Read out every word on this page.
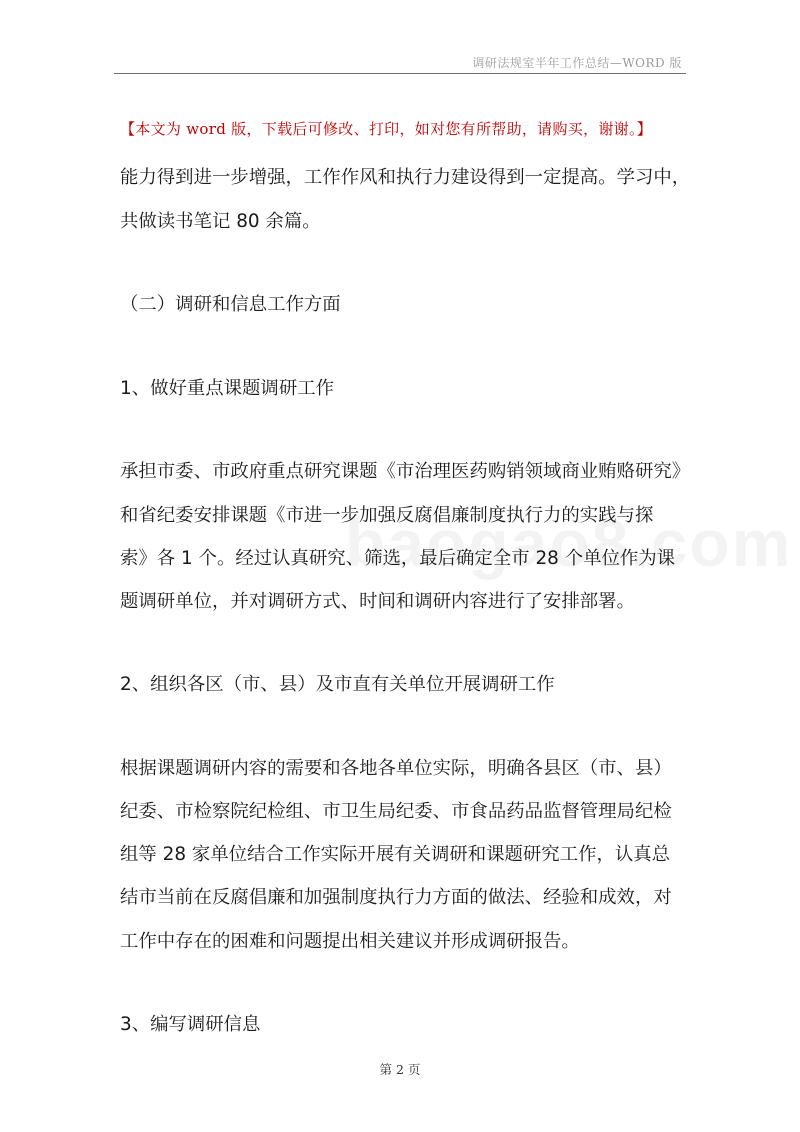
调研法规室半年工作总结—WORD 版
【本文为 word 版，下载后可修改、打印，如对您有所帮助，请购买，谢谢。】
能力得到进一步增强，工作作风和执行力建设得到一定提高。学习中，
共做读书笔记 80 余篇。
（二）调研和信息工作方面
1、做好重点课题调研工作
承担市委、市政府重点研究课题《市治理医药购销领域商业贿赂研究》
和省纪委安排课题《市进一步加强反腐倡廉制度执行力的实践与探
索》各 1 个。经过认真研究、筛选，最后确定全市 28 个单位作为课
题调研单位，并对调研方式、时间和调研内容进行了安排部署。
2、组织各区（市、县）及市直有关单位开展调研工作
根据课题调研内容的需要和各地各单位实际，明确各县区（市、县）
纪委、市检察院纪检组、市卫生局纪委、市食品药品监督管理局纪检
组等 28 家单位结合工作实际开展有关调研和课题研究工作，认真总
结市当前在反腐倡廉和加强制度执行力方面的做法、经验和成效，对
工作中存在的困难和问题提出相关建议并形成调研报告。
3、编写调研信息
第 2 页
